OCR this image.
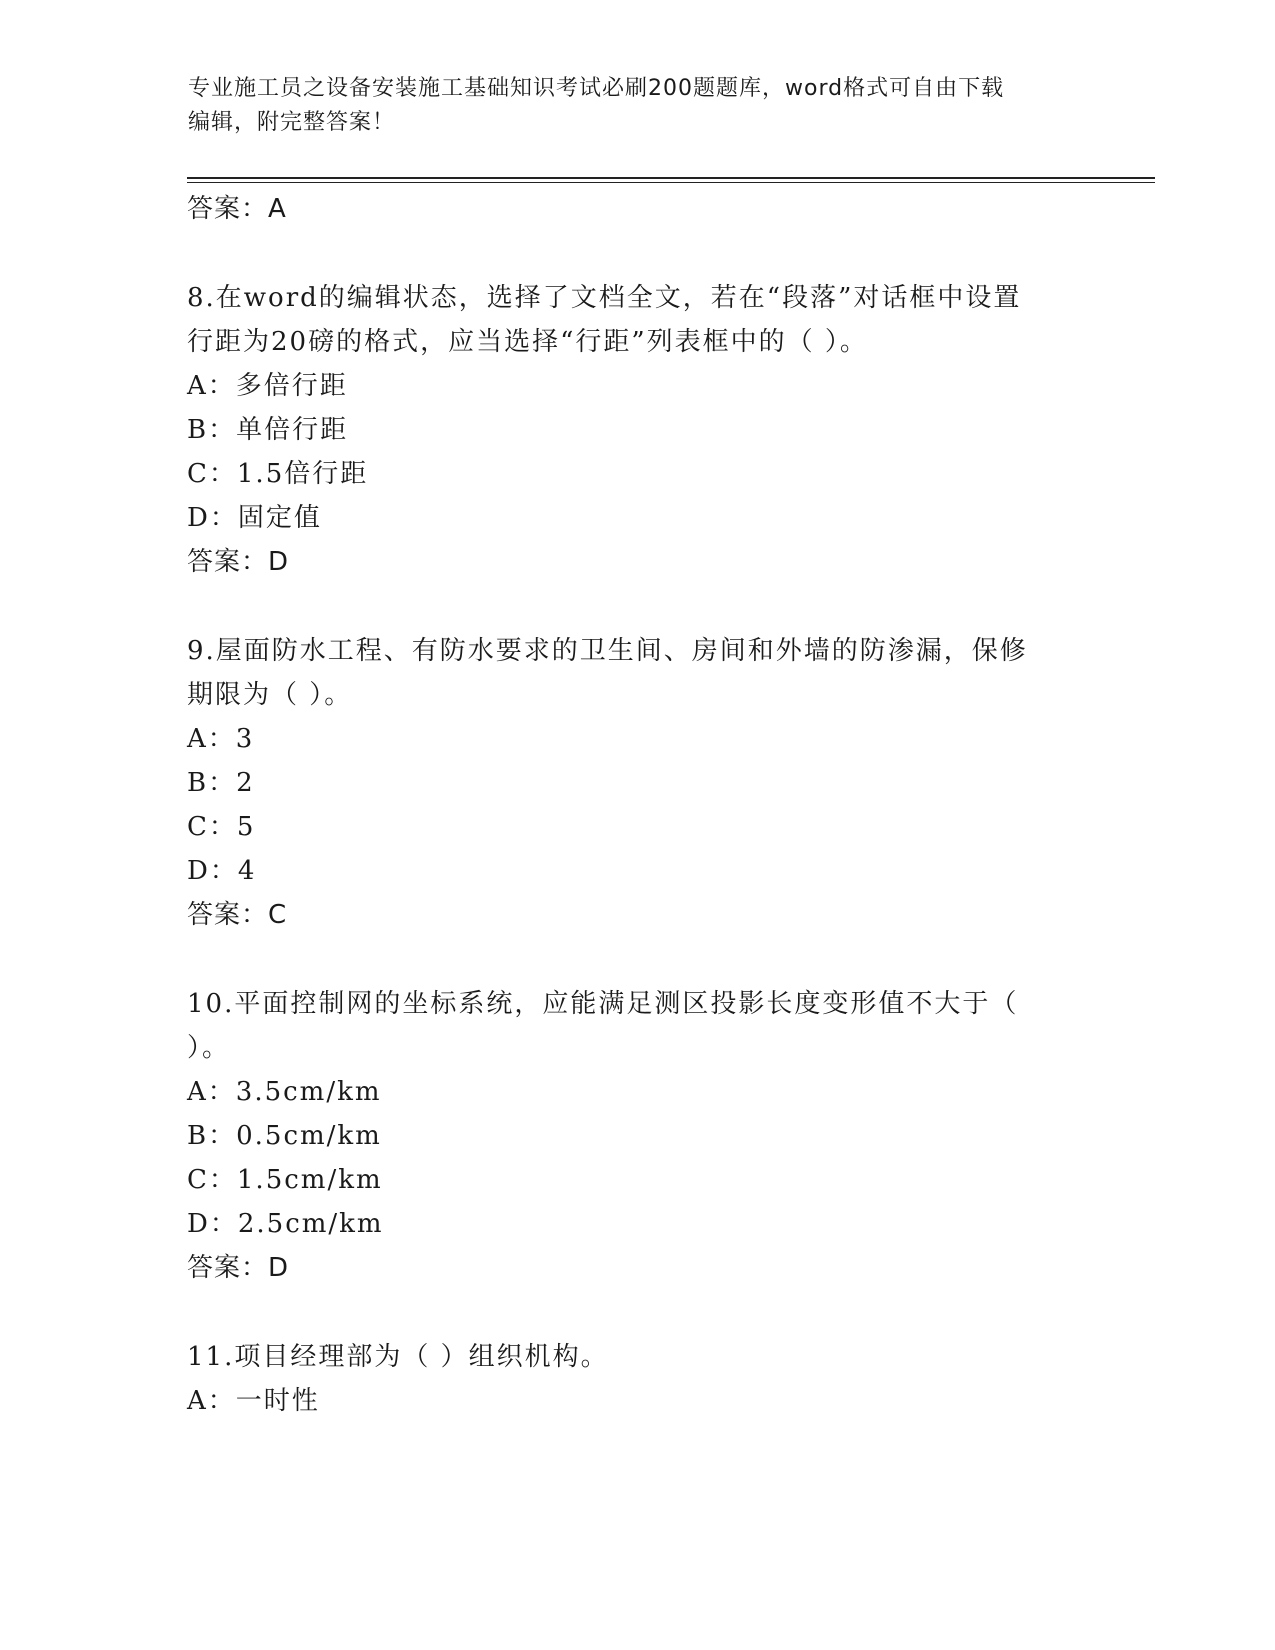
专业施工员之设备安装施工基础知识考试必刷200题题库，word格式可自由下载
编辑，附完整答案！
答案：A
8.在word的编辑状态，选择了文档全文，若在“段落”对话框中设置
行距为20磅的格式，应当选择“行距”列表框中的（ ）。
A：多倍行距
B：单倍行距
C：1.5倍行距
D：固定值
答案：D
9.屋面防水工程、有防水要求的卫生间、房间和外墙的防渗漏，保修
期限为（ ）。
A：3
B：2
C：5
D：4
答案：C
10.平面控制网的坐标系统，应能满足测区投影长度变形值不大于（
）。
A：3.5cm/km
B：0.5cm/km
C：1.5cm/km
D：2.5cm/km
答案：D
11.项目经理部为（ ）组织机构。
A：一时性
